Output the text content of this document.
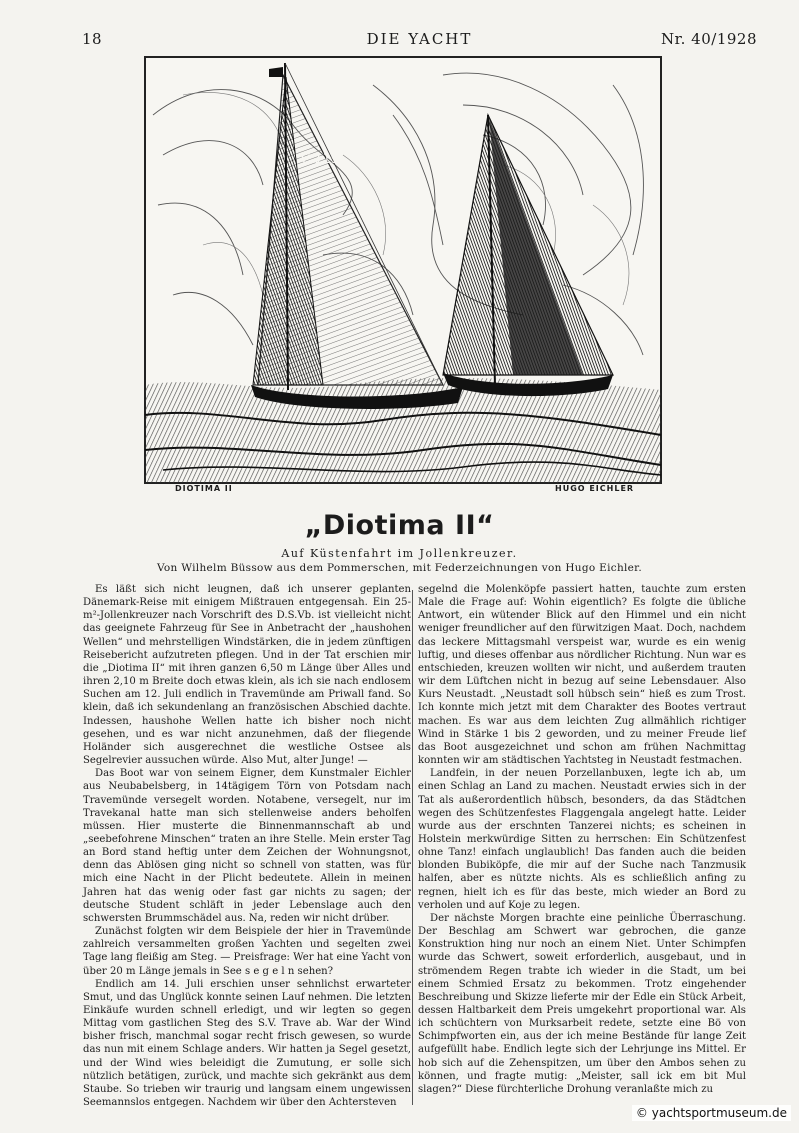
18	DIE YACHT	Nr. 40/1928
C 119
DIOTIMA II	HUGO EICHLER
„Diotima II“
Auf Küstenfahrt im Jollenkreuzer.
Von Wilhelm Büssow aus dem Pommerschen, mit Federzeichnungen von Hugo Eichler.

Es läßt sich nicht leugnen, daß ich unserer geplanten Dänemark-Reise mit einigem Mißtrauen entgegensah. Ein 25-m²-Jollenkreuzer nach Vorschrift des D.S.Vb. ist vielleicht nicht das geeignete Fahrzeug für See in Anbetracht der „haushohen Wellen“ und mehrstelligen Windstärken, die in jedem zünftigen Reisebericht aufzutreten pflegen. Und in der Tat erschien mir die „Diotima II“ mit ihren ganzen 6,50 m Länge über Alles und ihren 2,10 m Breite doch etwas klein, als ich sie nach endlosem Suchen am 12. Juli endlich in Travemünde am Priwall fand. So klein, daß ich sekundenlang an französischen Abschied dachte. Indessen, haushohe Wellen hatte ich bisher noch nicht gesehen, und es war nicht anzunehmen, daß der fliegende Holänder sich ausgerechnet die westliche Ostsee als Segelrevier aussuchen würde. Also Mut, alter Junge! —

Das Boot war von seinem Eigner, dem Kunstmaler Eichler aus Neubabelsberg, in 14tägigem Törn von Potsdam nach Travemünde versegelt worden. Notabene, versegelt, nur im Travekanal hatte man sich stellenweise anders beholfen müssen. Hier musterte die Binnenmannschaft ab und „seebefohrene Minschen“ traten an ihre Stelle. Mein erster Tag an Bord stand heftig unter dem Zeichen der Wohnungsnot, denn das Ablösen ging nicht so schnell von statten, was für mich eine Nacht in der Plicht bedeutete. Allein in meinen Jahren hat das wenig oder fast gar nichts zu sagen; der deutsche Student schläft in jeder Lebenslage auch den schwersten Brummschädel aus. Na, reden wir nicht drüber.

Zunächst folgten wir dem Beispiele der hier in Travemünde zahlreich versammelten großen Yachten und segelten zwei Tage lang fleißig am Steg. — Preisfrage: Wer hat eine Yacht von über 20 m Länge jemals in See s e g e l n sehen?

Endlich am 14. Juli erschien unser sehnlichst erwarteter Smut, und das Unglück konnte seinen Lauf nehmen. Die letzten Einkäufe wurden schnell erledigt, und wir legten so gegen Mittag vom gastlichen Steg des S.V. Trave ab. War der Wind bisher frisch, manchmal sogar recht frisch gewesen, so wurde das nun mit einem Schlage anders. Wir hatten ja Segel gesetzt, und der Wind wies beleidigt die Zumutung, er solle sich nützlich betätigen, zurück, und machte sich gekränkt aus dem Staube. So trieben wir traurig und langsam einem ungewissen Seemannslos entgegen. Nachdem wir über den Achtersteven

segelnd die Molenköpfe passiert hatten, tauchte zum ersten Male die Frage auf: Wohin eigentlich? Es folgte die übliche Antwort, ein wütender Blick auf den Himmel und ein nicht weniger freundlicher auf den fürwitzigen Maat. Doch, nachdem das leckere Mittagsmahl verspeist war, wurde es ein wenig luftig, und dieses offenbar aus nördlicher Richtung. Nun war es entschieden, kreuzen wollten wir nicht, und außerdem trauten wir dem Lüftchen nicht in bezug auf seine Lebensdauer. Also Kurs Neustadt. „Neustadt soll hübsch sein“ hieß es zum Trost. Ich konnte mich jetzt mit dem Charakter des Bootes vertraut machen. Es war aus dem leichten Zug allmählich richtiger Wind in Stärke 1 bis 2 geworden, und zu meiner Freude lief das Boot ausgezeichnet und schon am frühen Nachmittag konnten wir am städtischen Yachtsteg in Neustadt festmachen.

Landfein, in der neuen Porzellanbuxen, legte ich ab, um einen Schlag an Land zu machen. Neustadt erwies sich in der Tat als außerordentlich hübsch, besonders, da das Städtchen wegen des Schützenfestes Flaggengala angelegt hatte. Leider wurde aus der erschnten Tanzerei nichts; es scheinen in Holstein merkwürdige Sitten zu herrschen: Ein Schützenfest ohne Tanz! einfach unglaublich! Das fanden auch die beiden blonden Bubiköpfe, die mir auf der Suche nach Tanzmusik halfen, aber es nützte nichts. Als es schließlich anfing zu regnen, hielt ich es für das beste, mich wieder an Bord zu verholen und auf Koje zu legen.

Der nächste Morgen brachte eine peinliche Überraschung. Der Beschlag am Schwert war gebrochen, die ganze Konstruktion hing nur noch an einem Niet. Unter Schimpfen wurde das Schwert, soweit erforderlich, ausgebaut, und in strömendem Regen trabte ich wieder in die Stadt, um bei einem Schmied Ersatz zu bekommen. Trotz eingehender Beschreibung und Skizze lieferte mir der Edle ein Stück Arbeit, dessen Haltbarkeit dem Preis umgekehrt proportional war. Als ich schüchtern von Murksarbeit redete, setzte eine Bö von Schimpfworten ein, aus der ich meine Bestände für lange Zeit aufgefüllt habe. Endlich legte sich der Lehrjunge ins Mittel. Er hob sich auf die Zehenspitzen, um über den Ambos sehen zu können, und fragte mutig: „Meister, sall ick em bit Mul slagen?“ Diese fürchterliche Drohung veranlaßte mich zu

© yachtsportmuseum.de
